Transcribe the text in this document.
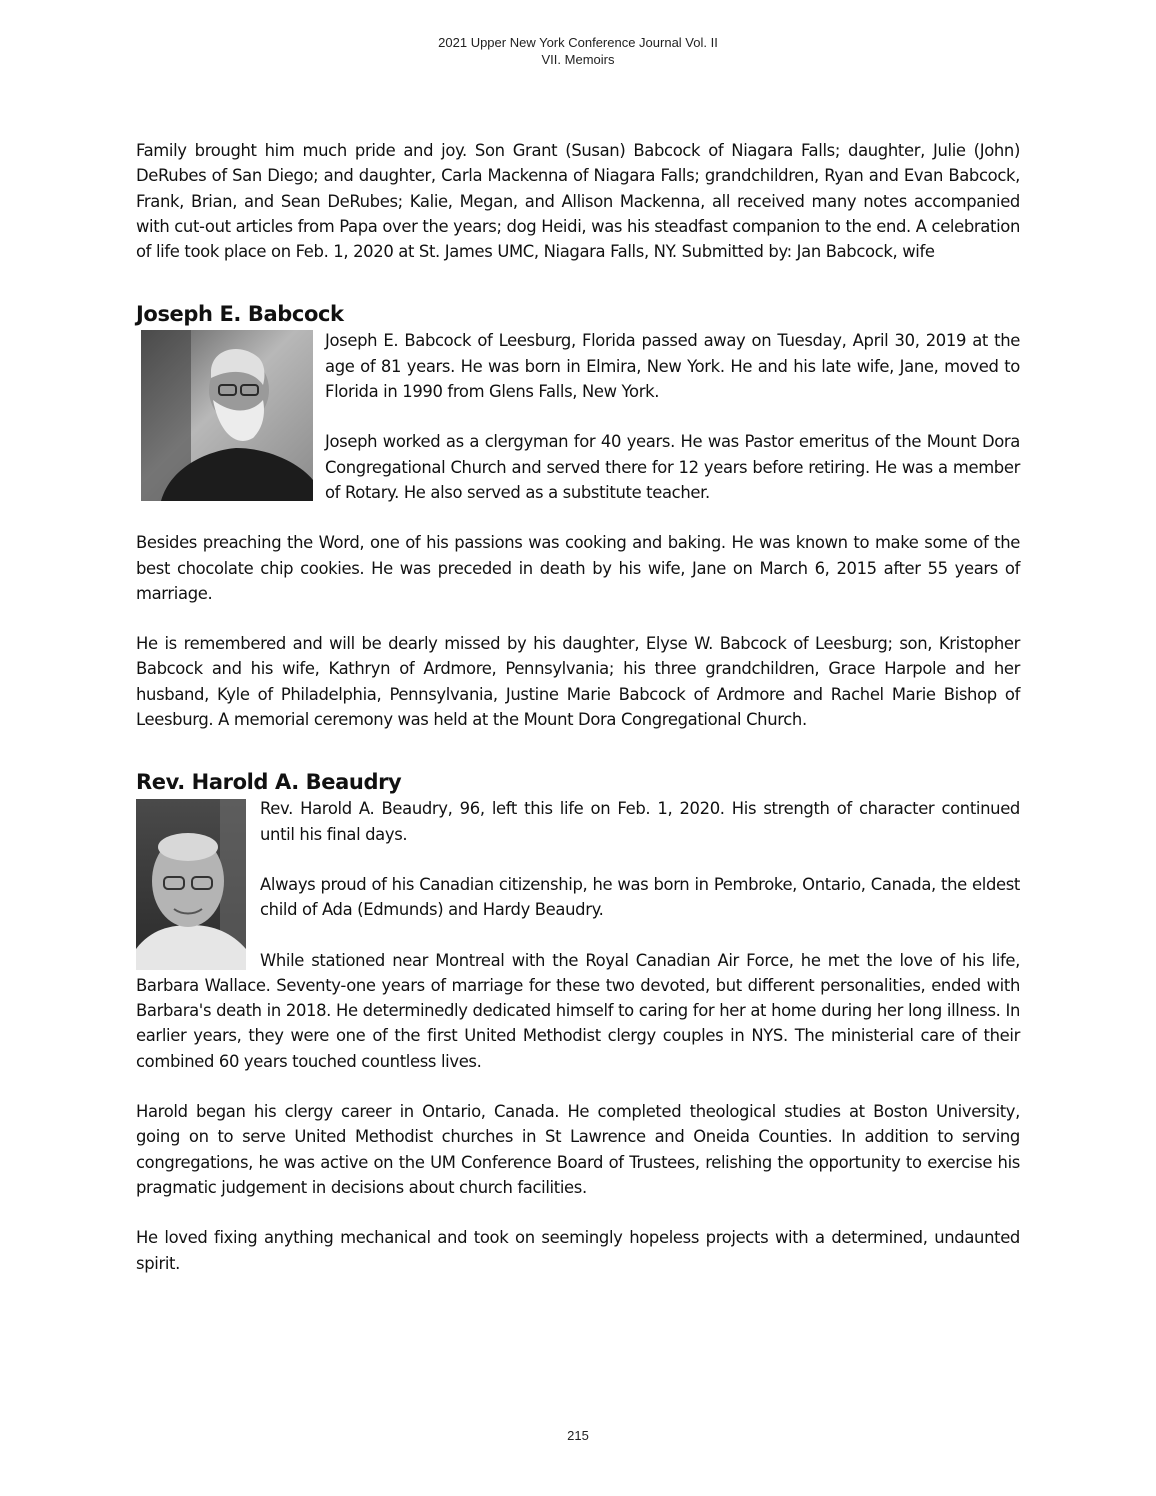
2021 Upper New York Conference Journal Vol. II
VII. Memoirs

Family brought him much pride and joy. Son Grant (Susan) Babcock of Niagara Falls; daughter, Julie (John) DeRubes of San Diego; and daughter, Carla Mackenna of Niagara Falls; grandchildren, Ryan and Evan Babcock, Frank, Brian, and Sean DeRubes; Kalie, Megan, and Allison Mackenna, all received many notes accompanied with cut-out articles from Papa over the years; dog Heidi, was his steadfast companion to the end. A celebration of life took place on Feb. 1, 2020 at St. James UMC, Niagara Falls, NY. Submitted by: Jan Babcock, wife

Joseph E. Babcock

Joseph E. Babcock of Leesburg, Florida passed away on Tuesday, April 30, 2019 at the age of 81 years. He was born in Elmira, New York. He and his late wife, Jane, moved to Florida in 1990 from Glens Falls, New York.

Joseph worked as a clergyman for 40 years. He was Pastor emeritus of the Mount Dora Congregational Church and served there for 12 years before retiring. He was a member of Rotary. He also served as a substitute teacher.

Besides preaching the Word, one of his passions was cooking and baking. He was known to make some of the best chocolate chip cookies. He was preceded in death by his wife, Jane on March 6, 2015 after 55 years of marriage.

He is remembered and will be dearly missed by his daughter, Elyse W. Babcock of Leesburg; son, Kristopher Babcock and his wife, Kathryn of Ardmore, Pennsylvania; his three grandchildren, Grace Harpole and her husband, Kyle of Philadelphia, Pennsylvania, Justine Marie Babcock of Ardmore and Rachel Marie Bishop of Leesburg. A memorial ceremony was held at the Mount Dora Congregational Church.

Rev. Harold A. Beaudry

Rev. Harold A. Beaudry, 96, left this life on Feb. 1, 2020. His strength of character continued until his final days.

Always proud of his Canadian citizenship, he was born in Pembroke, Ontario, Canada, the eldest child of Ada (Edmunds) and Hardy Beaudry.

While stationed near Montreal with the Royal Canadian Air Force, he met the love of his life, Barbara Wallace. Seventy-one years of marriage for these two devoted, but different personalities, ended with Barbara's death in 2018. He determinedly dedicated himself to caring for her at home during her long illness. In earlier years, they were one of the first United Methodist clergy couples in NYS. The ministerial care of their combined 60 years touched countless lives.

Harold began his clergy career in Ontario, Canada. He completed theological studies at Boston University, going on to serve United Methodist churches in St Lawrence and Oneida Counties. In addition to serving congregations, he was active on the UM Conference Board of Trustees, relishing the opportunity to exercise his pragmatic judgement in decisions about church facilities.

He loved fixing anything mechanical and took on seemingly hopeless projects with a determined, undaunted spirit.

215
